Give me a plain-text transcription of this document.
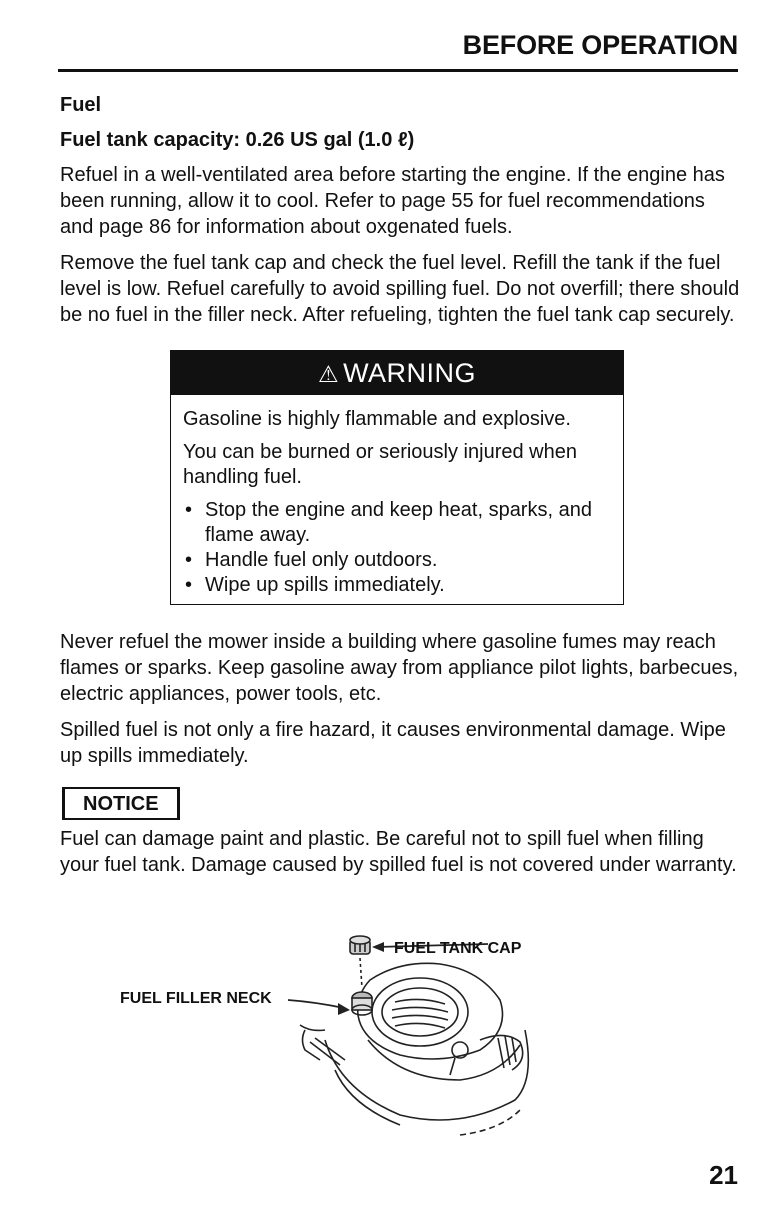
BEFORE OPERATION
Fuel
Fuel tank capacity: 0.26 US gal (1.0 ℓ)

Refuel in a well-ventilated area before starting the engine. If the engine has been running, allow it to cool. Refer to page 55 for fuel recommendations and page 86 for information about oxgenated fuels.

Remove the fuel tank cap and check the fuel level. Refill the tank if the fuel level is low. Refuel carefully to avoid spilling fuel. Do not overfill; there should be no fuel in the filler neck. After refueling, tighten the fuel tank cap securely.

⚠ WARNING

Gasoline is highly flammable and explosive.

You can be burned or seriously injured when handling fuel.

• Stop the engine and keep heat, sparks, and flame away.
• Handle fuel only outdoors.
• Wipe up spills immediately.

Never refuel the mower inside a building where gasoline fumes may reach flames or sparks. Keep gasoline away from appliance pilot lights, barbecues, electric appliances, power tools, etc.

Spilled fuel is not only a fire hazard, it causes environmental damage. Wipe up spills immediately.

NOTICE

Fuel can damage paint and plastic. Be careful not to spill fuel when filling your fuel tank. Damage caused by spilled fuel is not covered under warranty.

FUEL TANK CAP
FUEL FILLER NECK
21
